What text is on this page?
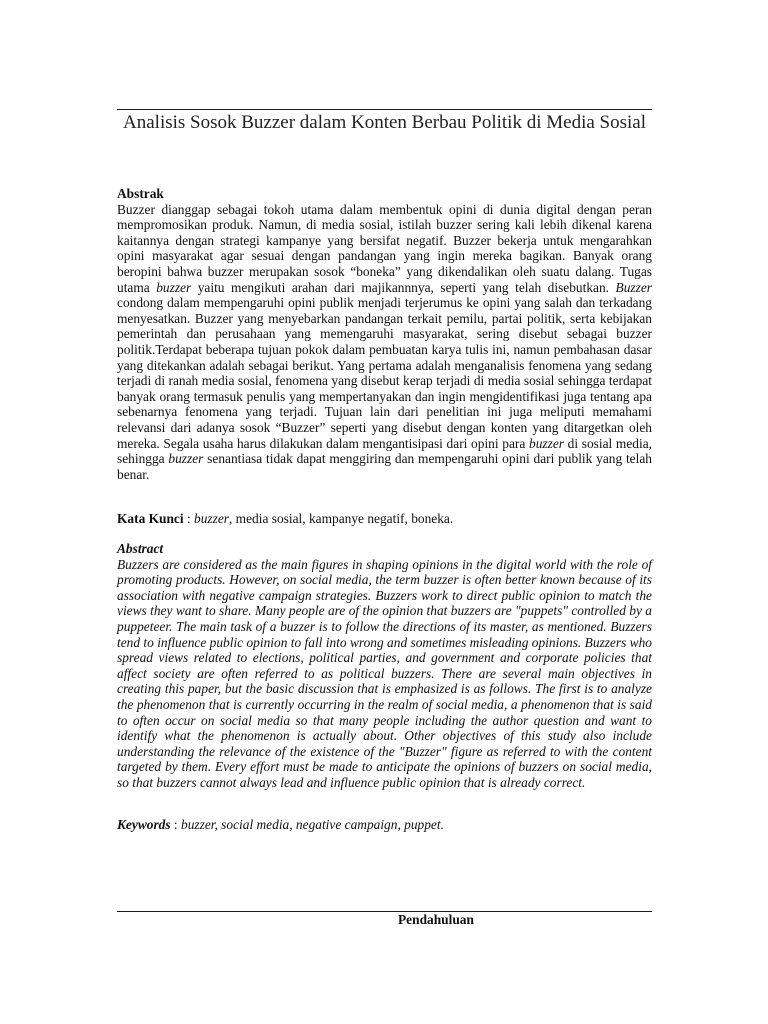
Analisis Sosok Buzzer dalam Konten Berbau Politik di Media Sosial
Abstrak
Buzzer dianggap sebagai tokoh utama dalam membentuk opini di dunia digital dengan peran mempromosikan produk. Namun, di media sosial, istilah buzzer sering kali lebih dikenal karena kaitannya dengan strategi kampanye yang bersifat negatif. Buzzer bekerja untuk mengarahkan opini masyarakat agar sesuai dengan pandangan yang ingin mereka bagikan. Banyak orang beropini bahwa buzzer merupakan sosok “boneka” yang dikendalikan oleh suatu dalang. Tugas utama buzzer yaitu mengikuti arahan dari majikannnya, seperti yang telah disebutkan. Buzzer condong dalam mempengaruhi opini publik menjadi terjerumus ke opini yang salah dan terkadang menyesatkan. Buzzer yang menyebarkan pandangan terkait pemilu, partai politik, serta kebijakan pemerintah dan perusahaan yang memengaruhi masyarakat, sering disebut sebagai buzzer politik.Terdapat beberapa tujuan pokok dalam pembuatan karya tulis ini, namun pembahasan dasar yang ditekankan adalah sebagai berikut. Yang pertama adalah menganalisis fenomena yang sedang terjadi di ranah media sosial, fenomena yang disebut kerap terjadi di media sosial sehingga terdapat banyak orang termasuk penulis yang mempertanyakan dan ingin mengidentifikasi juga tentang apa sebenarnya fenomena yang terjadi. Tujuan lain dari penelitian ini juga meliputi memahami relevansi dari adanya sosok “Buzzer” seperti yang disebut dengan konten yang ditargetkan oleh mereka. Segala usaha harus dilakukan dalam mengantisipasi dari opini para buzzer di sosial media, sehingga buzzer senantiasa tidak dapat menggiring dan mempengaruhi opini dari publik yang telah benar.
Kata Kunci : buzzer, media sosial, kampanye negatif, boneka.
Abstract
Buzzers are considered as the main figures in shaping opinions in the digital world with the role of promoting products. However, on social media, the term buzzer is often better known because of its association with negative campaign strategies. Buzzers work to direct public opinion to match the views they want to share. Many people are of the opinion that buzzers are "puppets" controlled by a puppeteer. The main task of a buzzer is to follow the directions of its master, as mentioned. Buzzers tend to influence public opinion to fall into wrong and sometimes misleading opinions. Buzzers who spread views related to elections, political parties, and government and corporate policies that affect society are often referred to as political buzzers. There are several main objectives in creating this paper, but the basic discussion that is emphasized is as follows. The first is to analyze the phenomenon that is currently occurring in the realm of social media, a phenomenon that is said to often occur on social media so that many people including the author question and want to identify what the phenomenon is actually about. Other objectives of this study also include understanding the relevance of the existence of the "Buzzer" figure as referred to with the content targeted by them. Every effort must be made to anticipate the opinions of buzzers on social media, so that buzzers cannot always lead and influence public opinion that is already correct.
Keywords : buzzer, social media, negative campaign, puppet.
Pendahuluan
